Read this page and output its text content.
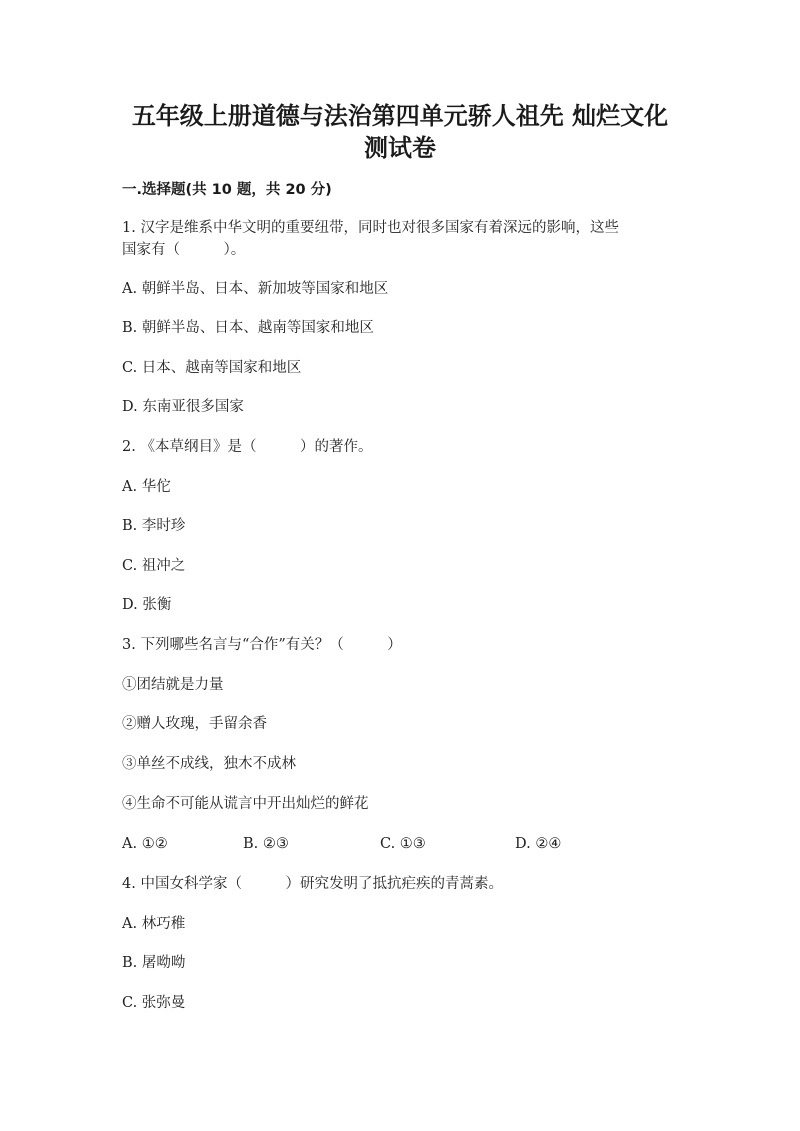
五年级上册道德与法治第四单元骄人祖先 灿烂文化
测试卷
一.选择题(共 10 题，共 20 分)
1. 汉字是维系中华文明的重要纽带，同时也对很多国家有着深远的影响，这些
国家有（　　　）。
A. 朝鲜半岛、日本、新加坡等国家和地区
B. 朝鲜半岛、日本、越南等国家和地区
C. 日本、越南等国家和地区
D. 东南亚很多国家
2. 《本草纲目》是（　　　）的著作。
A. 华佗
B. 李时珍
C. 祖冲之
D. 张衡
3. 下列哪些名言与“合作”有关？（　　　）
①团结就是力量
②赠人玫瑰，手留余香
③单丝不成线，独木不成林
④生命不可能从谎言中开出灿烂的鲜花
A. ①②	B. ②③	C. ①③	D. ②④
4. 中国女科学家（　　　）研究发明了抵抗疟疾的青蒿素。
A. 林巧稚
B. 屠呦呦
C. 张弥曼
